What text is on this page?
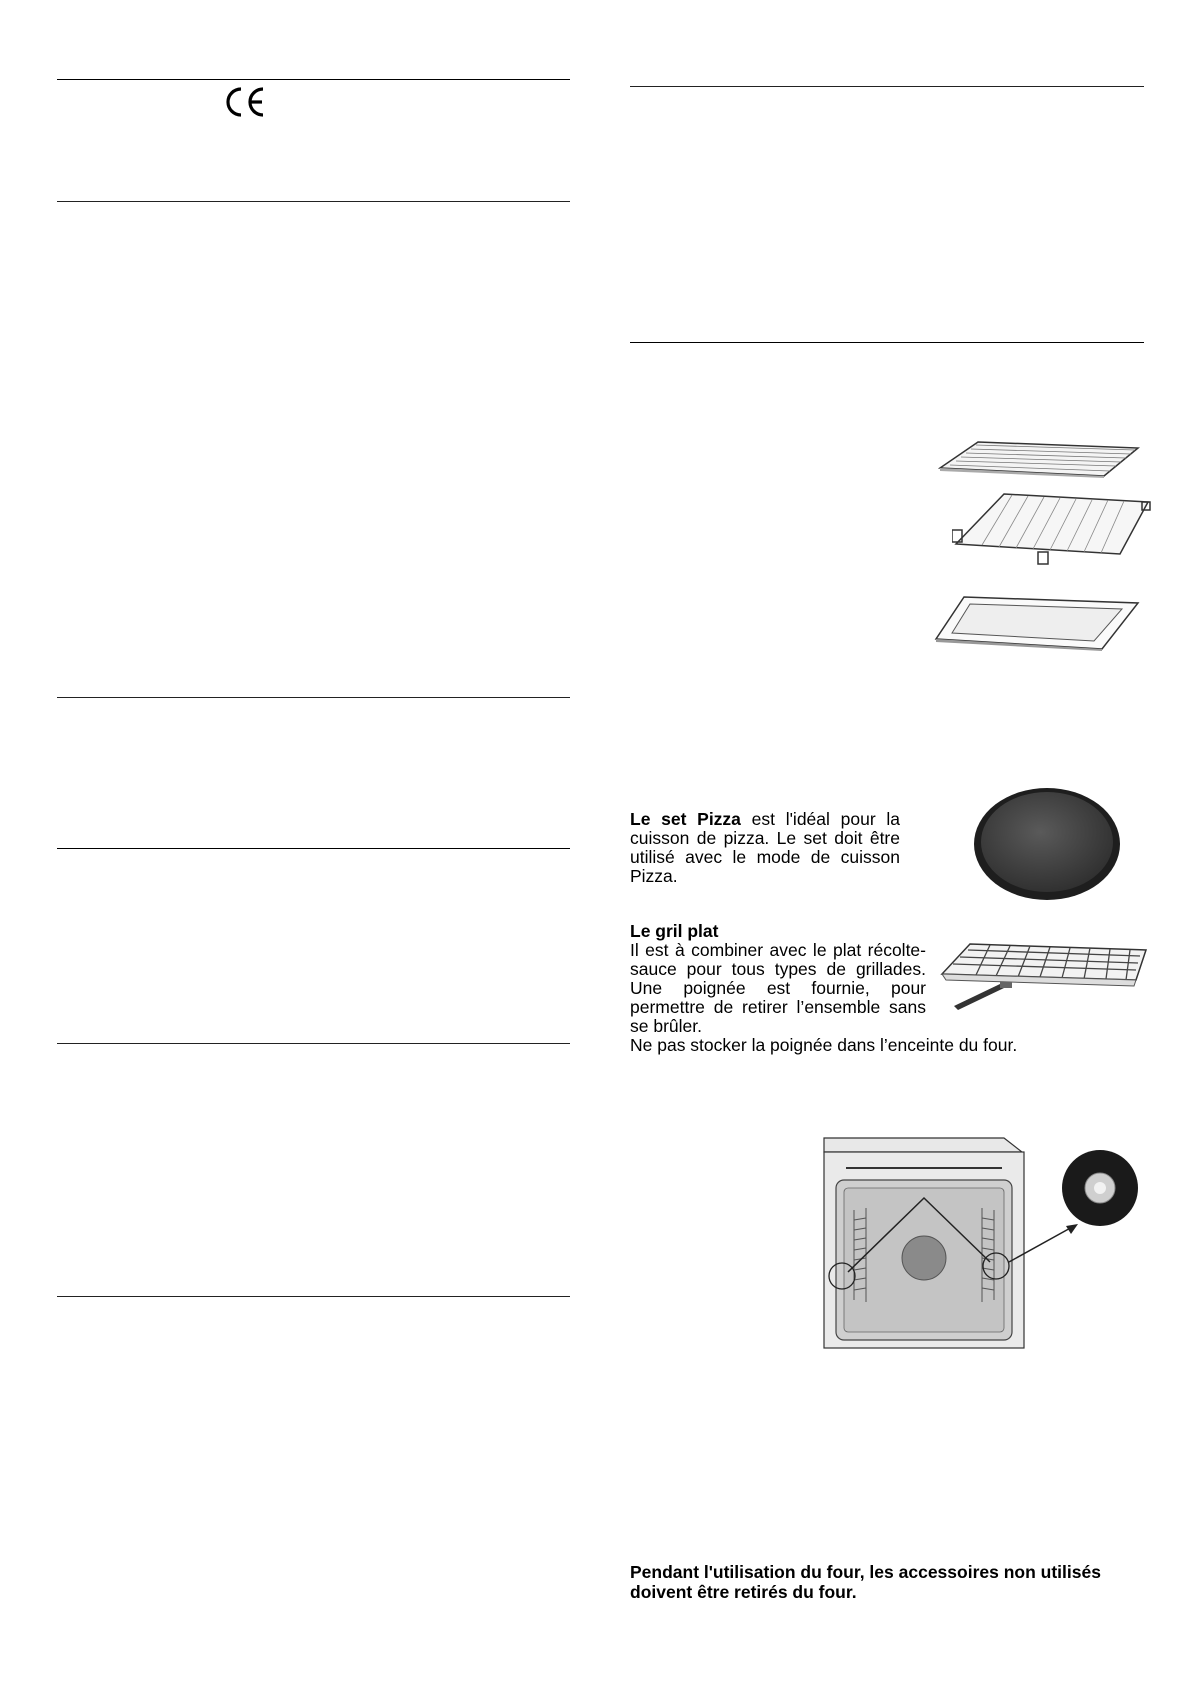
Le set Pizza est l'idéal pour la cuisson de pizza. Le set doit être utilisé avec le mode de cuisson Pizza.
Le gril plat
Il est à combiner avec le plat récolte-sauce pour tous types de grillades. Une poignée est fournie, pour permettre de retirer l’ensemble sans se brûler.
Ne pas stocker la poignée dans l’enceinte du four.
Pendant l'utilisation du four, les accessoires non utilisés
doivent être retirés du four.
